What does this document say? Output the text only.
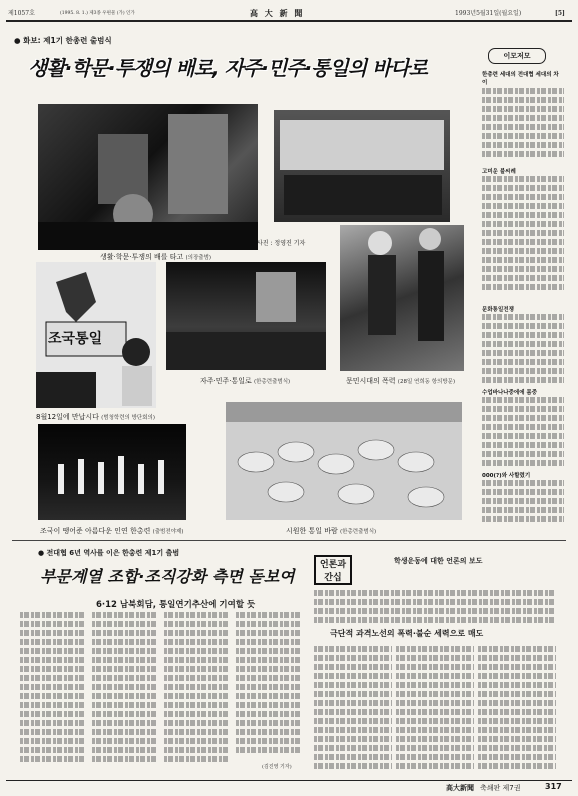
제1057호	(1995. 8. 1.) 제3종 우편물 (가) 인가	高 大 新 聞	1993년5월31일(월요일)	[5]
● 화보: 제1기 한총련 출범식
생활·학문·투쟁의 배로, 자주·민주·통일의 바다로
생활·학문·투쟁의 배를 타고 (의장출범)
사진 : 정영진 기자
자주·민주·통일로 (한총련출범식)	문민시대의 폭력 (28일 연희동 항의방문)
조국통일
8월12일에 만납시다 (범청학련의 방단회의)
조국이 땡어준 아름다운 인연 한총련 (출범전야제)	시원한 통일 바람 (한총련출범식)
이모저모
한총련 세대의 전대협 세대의 차이
고미운 불씨례
문화통일전쟁
수업바나나중에에 몸중
000(?)와 사할렸기
● 전대협 6년 역사를 이은 한총련 제1기 출범
부문계열 조합·조직강화 측면 돋보여
6·12 남북회담, 통일연기추산에 기여할 듯
(김진영 기자)
언론과 간십
학생운동에 대한 언론의 보도
극단적 과격노선의 폭력·불순 세력으로 매도
高大新聞 축쇄판 제7권	317
